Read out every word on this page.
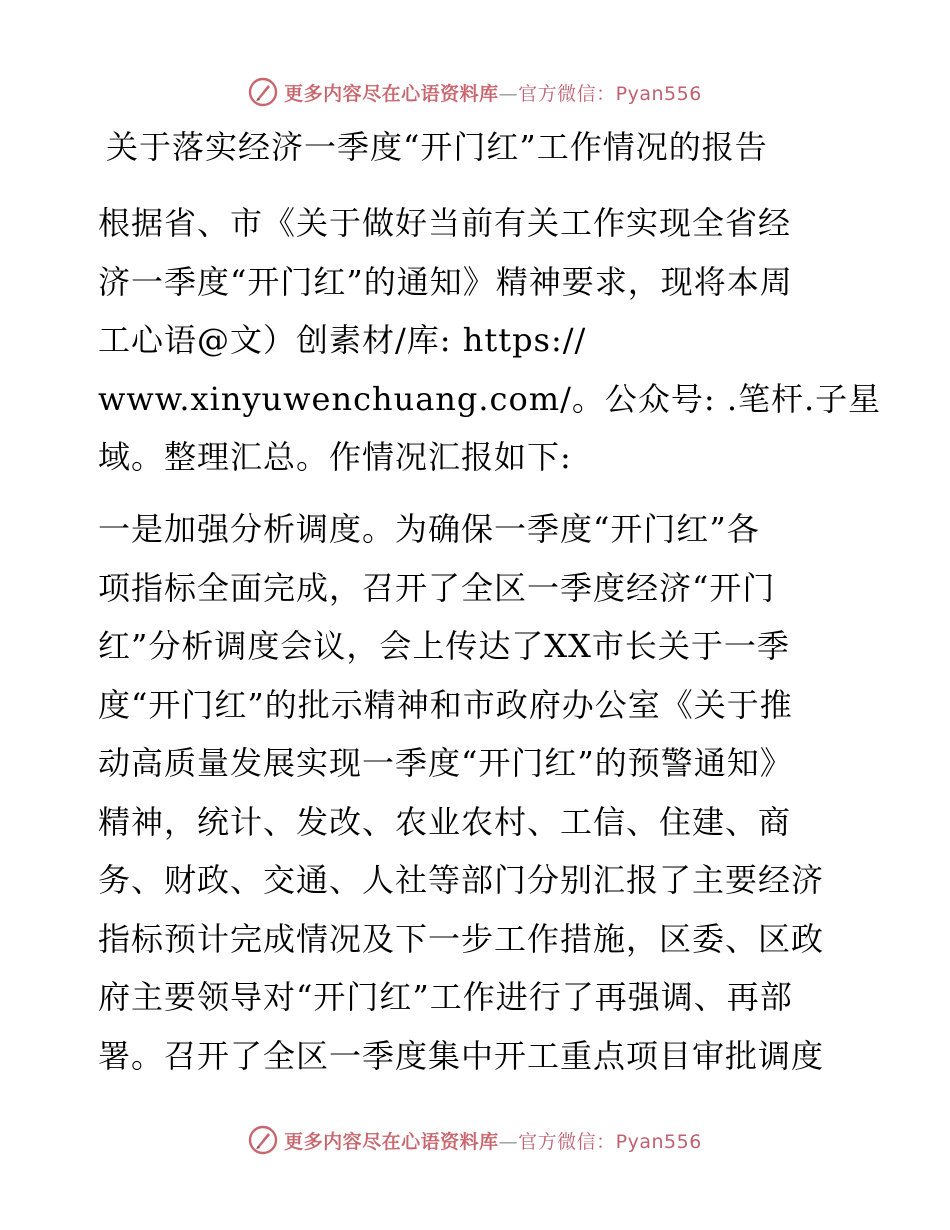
更多内容尽在心语资料库—官方微信：Pyan556
关于落实经济一季度“开门红”工作情况的报告

根据省、市《关于做好当前有关工作实现全省经
济一季度“开门红”的通知》精神要求，现将本周
工心语@文）创素材/库: https://
www.xinyuwenchuang.com/。公众号: .笔杆.子星
域。整理汇总。作情况汇报如下:

一是加强分析调度。为确保一季度“开门红”各
项指标全面完成，召开了全区一季度经济“开门
红”分析调度会议，会上传达了XX市长关于一季
度“开门红”的批示精神和市政府办公室《关于推
动高质量发展实现一季度“开门红”的预警通知》
精神，统计、发改、农业农村、工信、住建、商
务、财政、交通、人社等部门分别汇报了主要经济
指标预计完成情况及下一步工作措施，区委、区政
府主要领导对“开门红”工作进行了再强调、再部
署。召开了全区一季度集中开工重点项目审批调度

更多内容尽在心语资料库—官方微信：Pyan556
